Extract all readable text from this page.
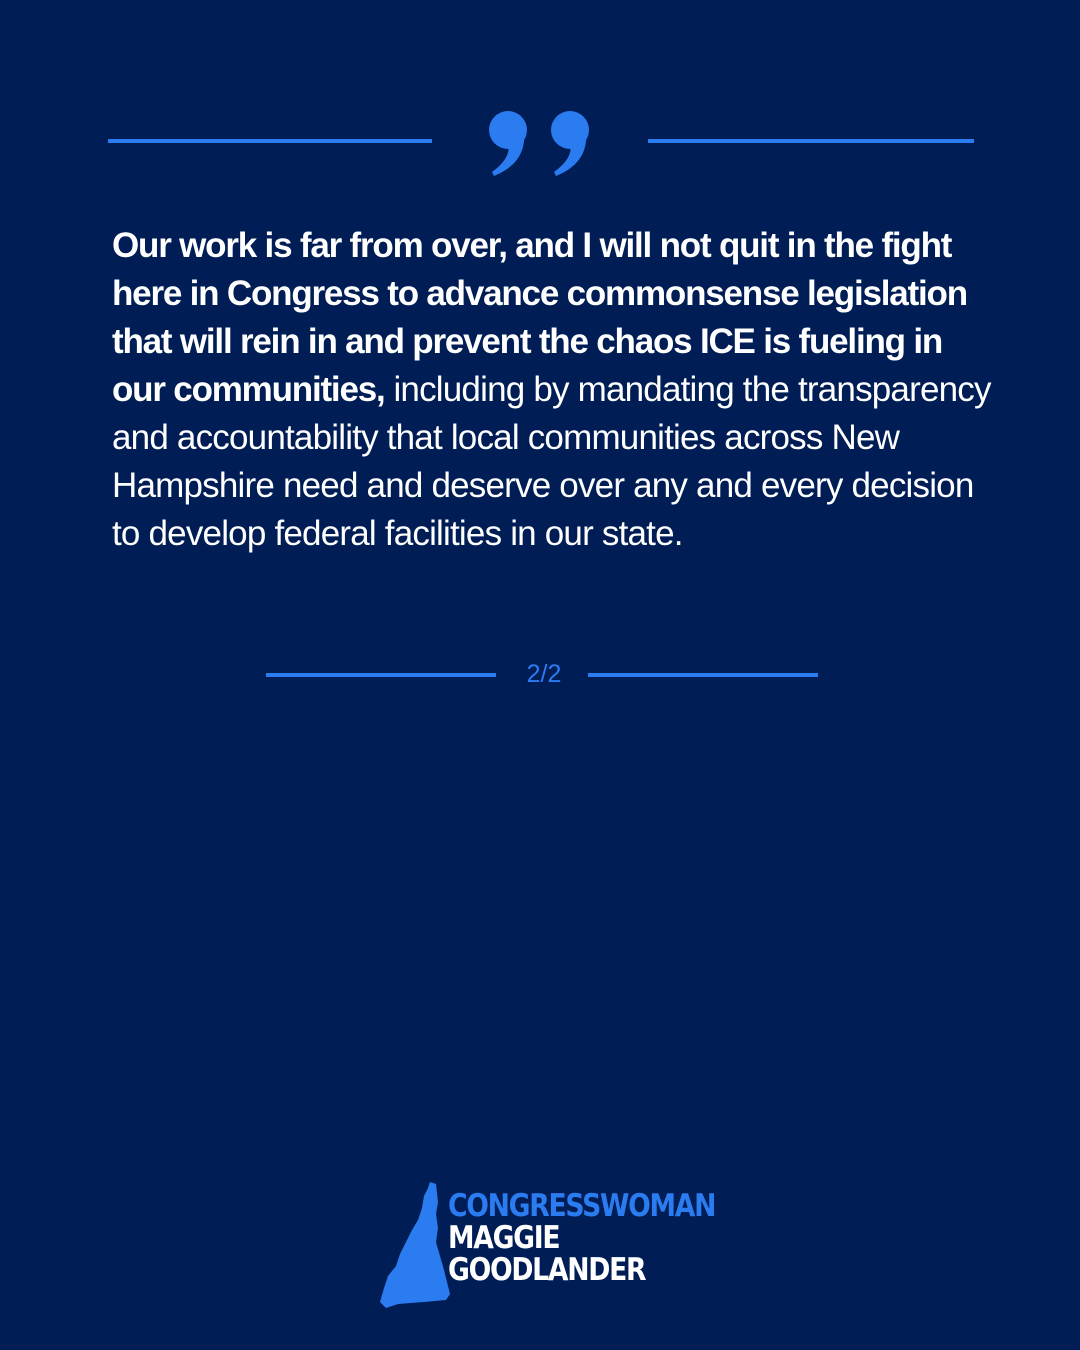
Our work is far from over, and I will not quit in the fight here in Congress to advance commonsense legislation that will rein in and prevent the chaos ICE is fueling in our communities, including by mandating the transparency and accountability that local communities across New Hampshire need and deserve over any and every decision to develop federal facilities in our state.

2/2

CONGRESSWOMAN

MAGGIE

GOODLANDER
